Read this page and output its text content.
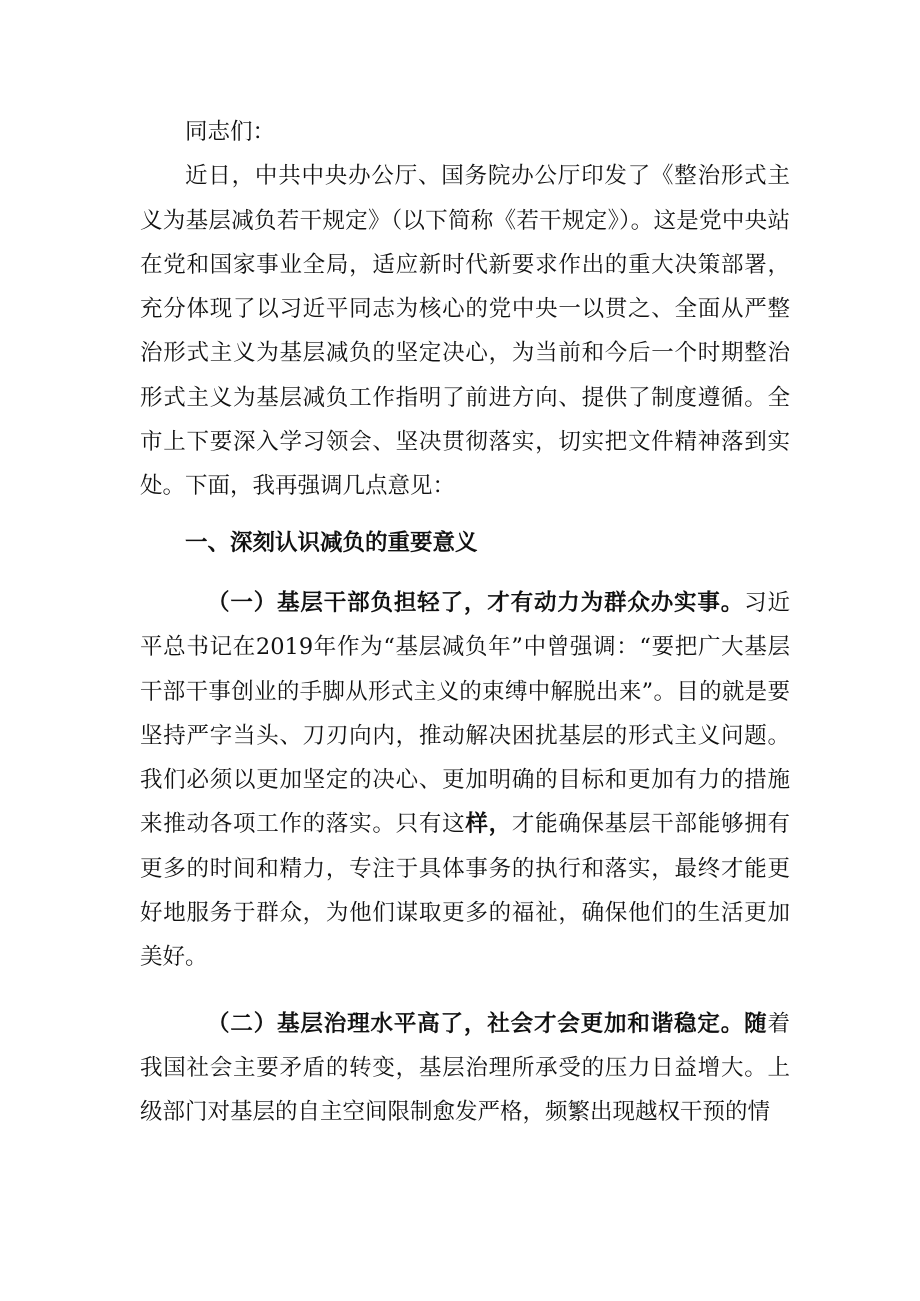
同志们：

近日，中共中央办公厅、国务院办公厅印发了《整治形式主义为基层减负若干规定》（以下简称《若干规定》）。这是党中央站在党和国家事业全局，适应新时代新要求作出的重大决策部署，充分体现了以习近平同志为核心的党中央一以贯之、全面从严整治形式主义为基层减负的坚定决心，为当前和今后一个时期整治形式主义为基层减负工作指明了前进方向、提供了制度遵循。全市上下要深入学习领会、坚决贯彻落实，切实把文件精神落到实处。下面，我再强调几点意见：

一、深刻认识减负的重要意义

（一）基层干部负担轻了，才有动力为群众办实事。习近平总书记在2019年作为“基层减负年”中曾强调：“要把广大基层干部干事创业的手脚从形式主义的束缚中解脱出来”。目的就是要坚持严字当头、刀刃向内，推动解决困扰基层的形式主义问题。我们必须以更加坚定的决心、更加明确的目标和更加有力的措施来推动各项工作的落实。只有这样，才能确保基层干部能够拥有更多的时间和精力，专注于具体事务的执行和落实，最终才能更好地服务于群众，为他们谋取更多的福祉，确保他们的生活更加美好。

（二）基层治理水平高了，社会才会更加和谐稳定。随着我国社会主要矛盾的转变，基层治理所承受的压力日益增大。上级部门对基层的自主空间限制愈发严格，频繁出现越权干预的情
